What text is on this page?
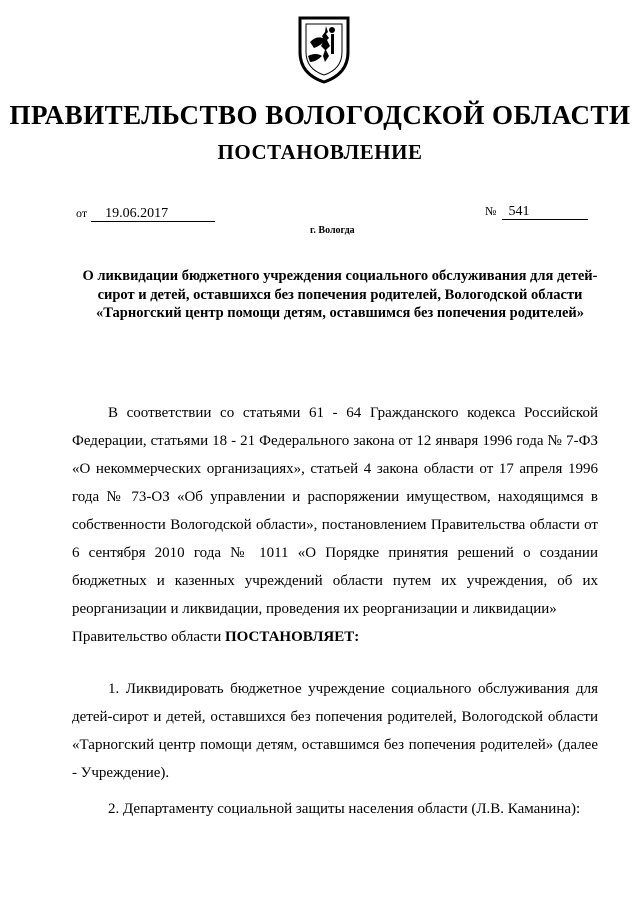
ПРАВИТЕЛЬСТВО ВОЛОГОДСКОЙ ОБЛАСТИ
ПОСТАНОВЛЕНИЕ
от 19.06.2017	№ 541
г. Вологда
О ликвидации бюджетного учреждения социального обслуживания для детей-сирот и детей, оставшихся без попечения родителей, Вологодской области «Тарногский центр помощи детям, оставшимся без попечения родителей»

В соответствии со статьями 61 - 64 Гражданского кодекса Российской Федерации, статьями 18 - 21 Федерального закона от 12 января 1996 года № 7-ФЗ «О некоммерческих организациях», статьей 4 закона области от 17 апреля 1996 года № 73-ОЗ «Об управлении и распоряжении имуществом, находящимся в собственности Вологодской области», постановлением Правительства области от 6 сентября 2010 года № 1011 «О Порядке принятия решений о создании бюджетных и казенных учреждений области путем их учреждения, об их реорганизации и ликвидации, проведения их реорганизации и ликвидации»

Правительство области ПОСТАНОВЛЯЕТ:

1. Ликвидировать бюджетное учреждение социального обслуживания для детей-сирот и детей, оставшихся без попечения родителей, Вологодской области «Тарногский центр помощи детям, оставшимся без попечения родителей» (далее - Учреждение).

2. Департаменту социальной защиты населения области (Л.В. Каманина):
